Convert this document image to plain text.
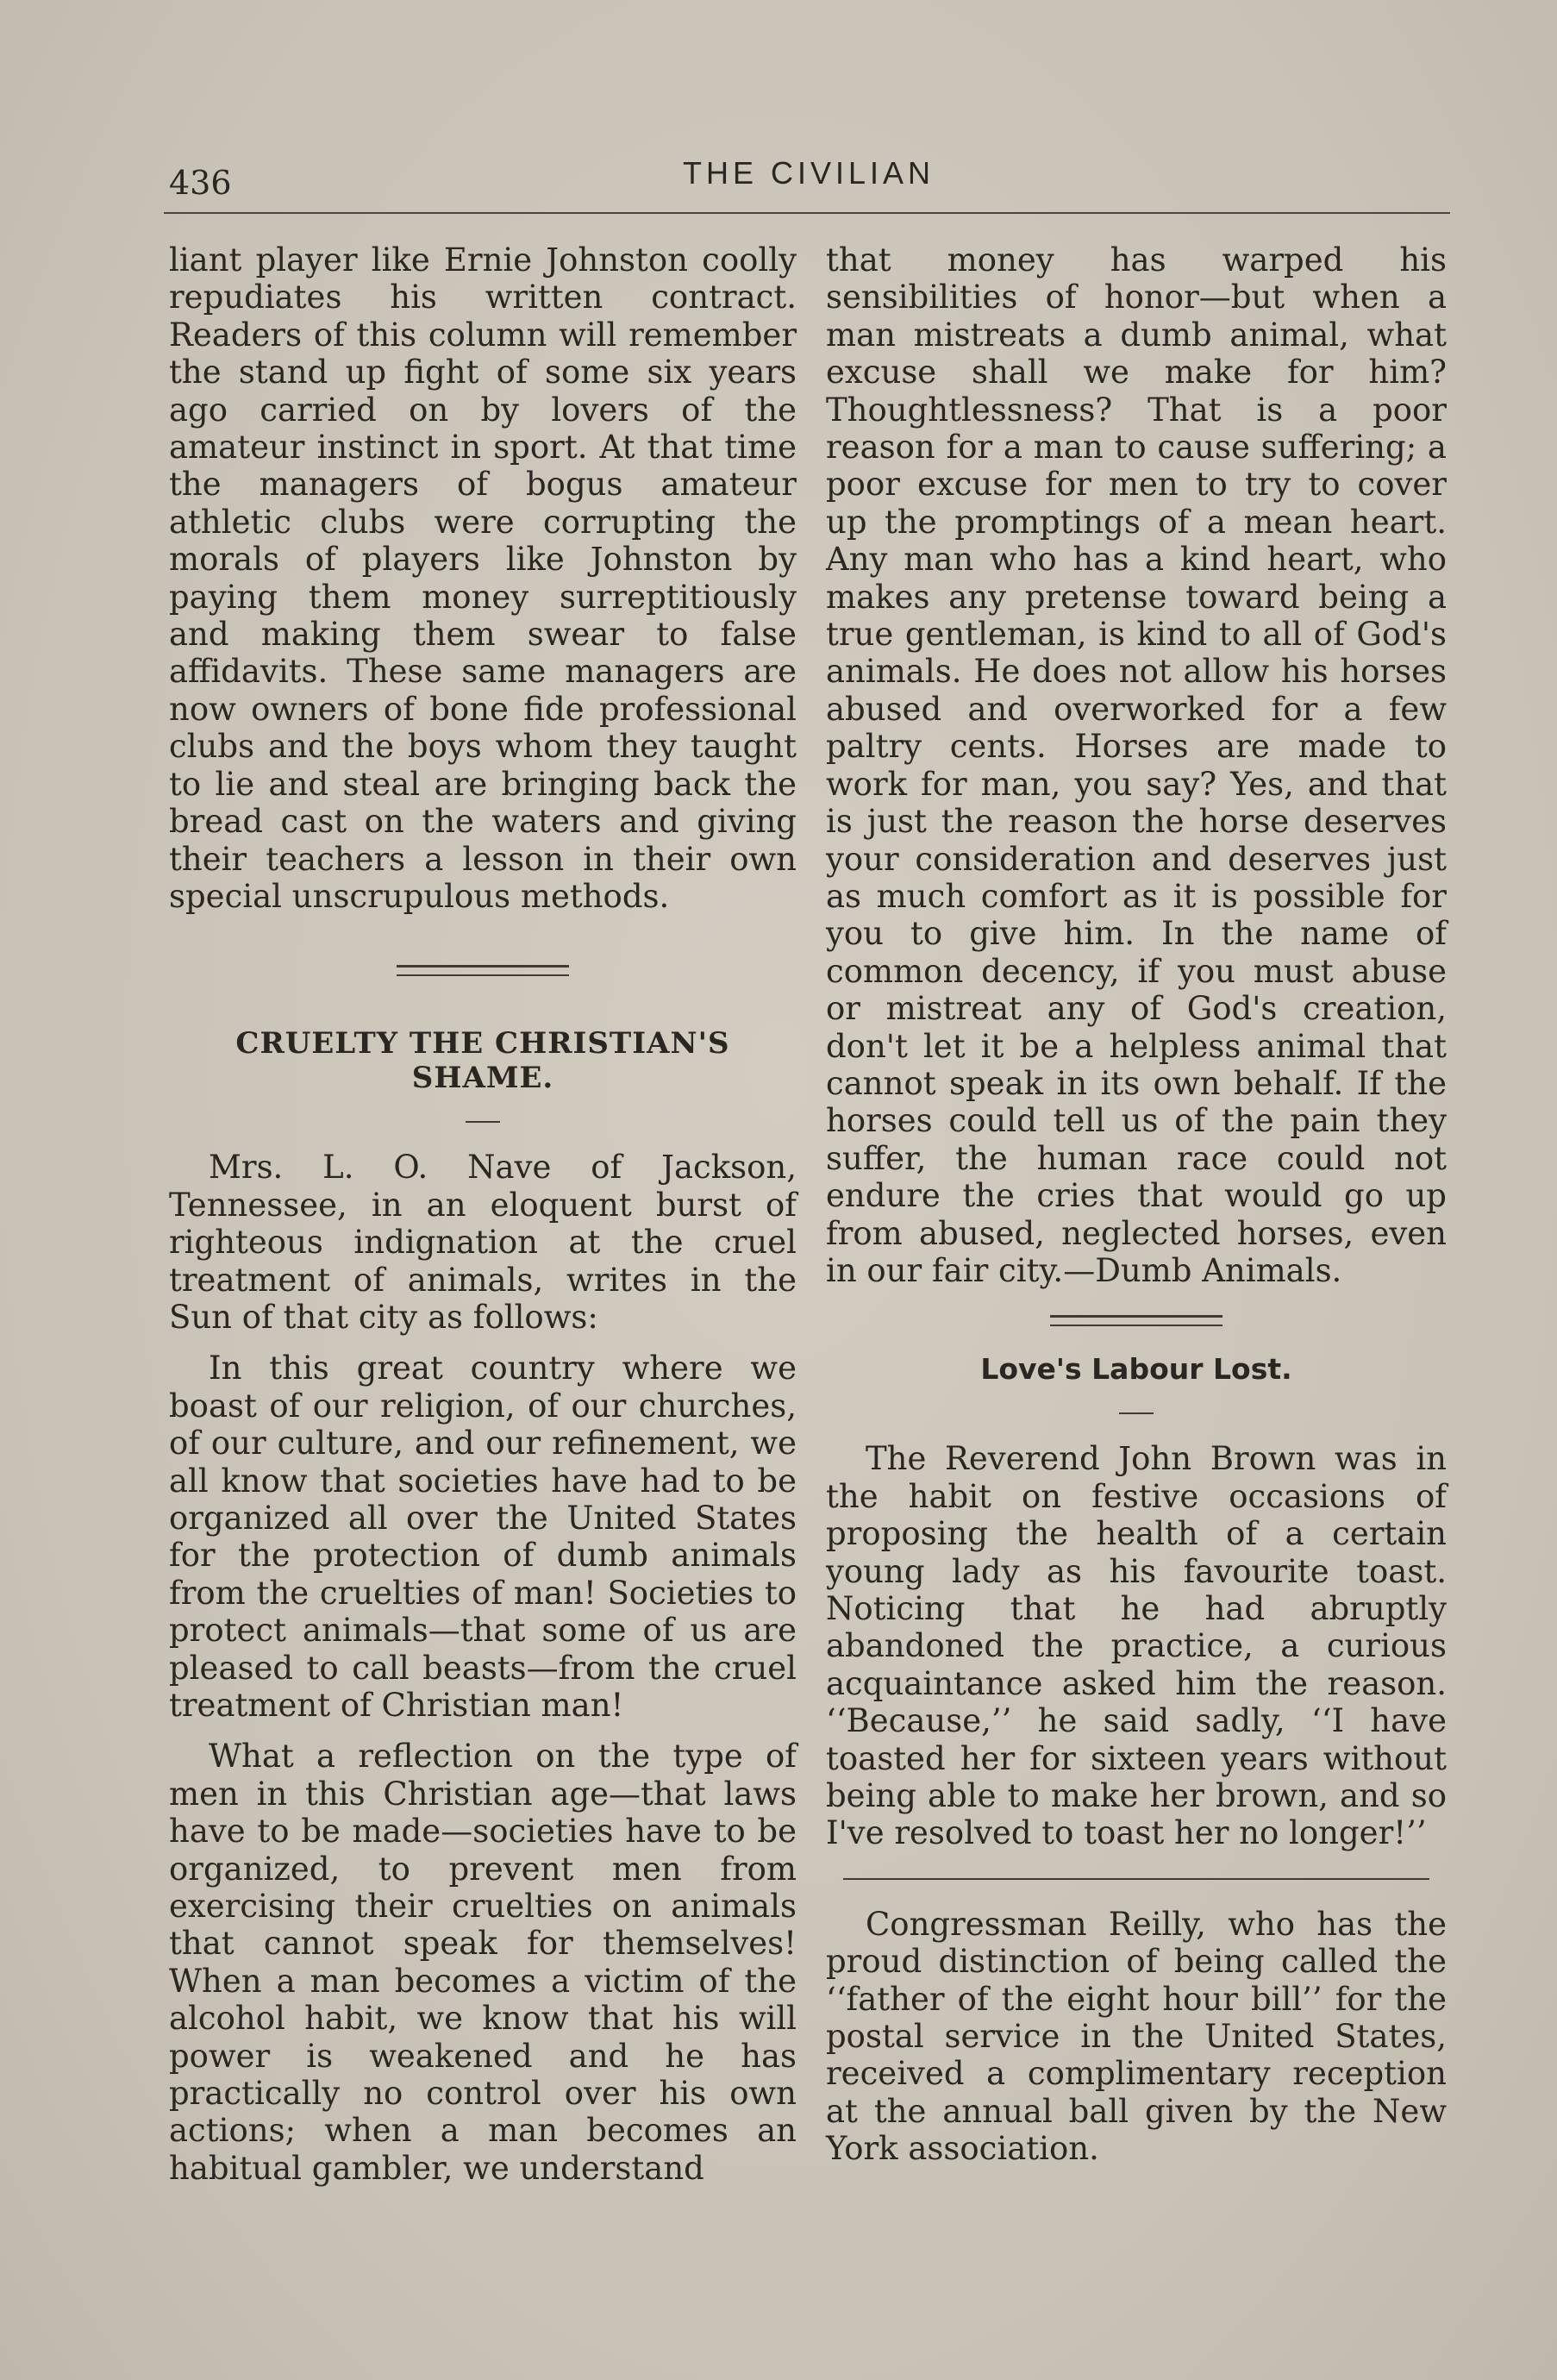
436	THE CIVILIAN

liant player like Ernie Johnston coolly repudiates his written contract. Readers of this column will remember the stand up fight of some six years ago carried on by lovers of the amateur instinct in sport. At that time the managers of bogus amateur athletic clubs were corrupting the morals of players like Johnston by paying them money surreptitiously and making them swear to false affidavits. These same managers are now owners of bone fide professional clubs and the boys whom they taught to lie and steal are bringing back the bread cast on the waters and giving their teachers a lesson in their own special unscrupulous methods.

CRUELTY THE CHRISTIAN'S

SHAME.

Mrs. L. O. Nave of Jackson, Tennessee, in an eloquent burst of righteous indignation at the cruel treatment of animals, writes in the Sun of that city as follows:

In this great country where we boast of our religion, of our churches, of our culture, and our refinement, we all know that societies have had to be organized all over the United States for the protection of dumb animals from the cruelties of man! Societies to protect animals—that some of us are pleased to call beasts—from the cruel treatment of Christian man!

What a reflection on the type of men in this Christian age—that laws have to be made—societies have to be organized, to prevent men from exercising their cruelties on animals that cannot speak for themselves! When a man becomes a victim of the alcohol habit, we know that his will power is weakened and he has practically no control over his own actions; when a man becomes an habitual gambler, we understand

that money has warped his sensibilities of honor—but when a man mistreats a dumb animal, what excuse shall we make for him? Thoughtlessness? That is a poor reason for a man to cause suffering; a poor excuse for men to try to cover up the promptings of a mean heart. Any man who has a kind heart, who makes any pretense toward being a true gentleman, is kind to all of God's animals. He does not allow his horses abused and overworked for a few paltry cents. Horses are made to work for man, you say? Yes, and that is just the reason the horse deserves your consideration and deserves just as much comfort as it is possible for you to give him. In the name of common decency, if you must abuse or mistreat any of God's creation, don't let it be a helpless animal that cannot speak in its own behalf. If the horses could tell us of the pain they suffer, the human race could not endure the cries that would go up from abused, neglected horses, even in our fair city.—Dumb Animals.

Love's Labour Lost.

The Reverend John Brown was in the habit on festive occasions of proposing the health of a certain young lady as his favourite toast. Noticing that he had abruptly abandoned the practice, a curious acquaintance asked him the reason. ‘‘Because,’’ he said sadly, ‘‘I have toasted her for sixteen years without being able to make her brown, and so I've resolved to toast her no longer!’’

Congressman Reilly, who has the proud distinction of being called the ‘‘father of the eight hour bill’’ for the postal service in the United States, received a complimentary reception at the annual ball given by the New York association.
